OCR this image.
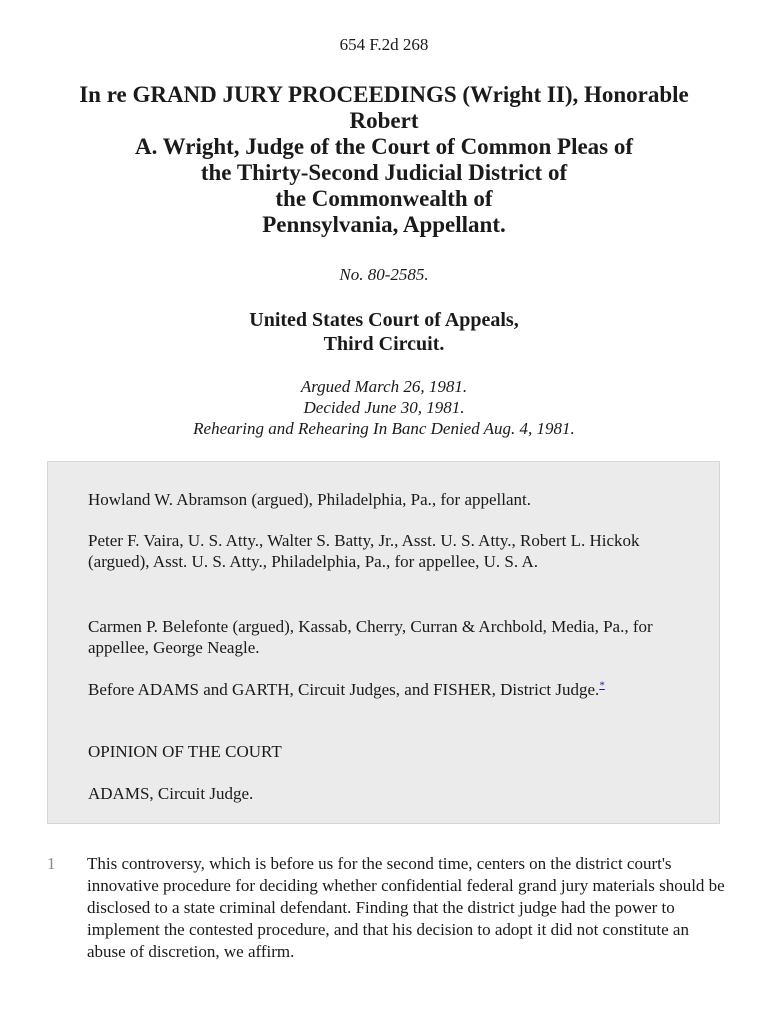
654 F.2d 268
In re GRAND JURY PROCEEDINGS (Wright II), Honorable
Robert
A. Wright, Judge of the Court of Common Pleas of
the Thirty-Second Judicial District of
the Commonwealth of
Pennsylvania, Appellant.
No. 80-2585.
United States Court of Appeals,
Third Circuit.
Argued March 26, 1981.
Decided June 30, 1981.
Rehearing and Rehearing In Banc Denied Aug. 4, 1981.

Howland W. Abramson (argued), Philadelphia, Pa., for appellant.

Peter F. Vaira, U. S. Atty., Walter S. Batty, Jr., Asst. U. S. Atty., Robert L. Hickok (argued), Asst. U. S. Atty., Philadelphia, Pa., for appellee, U. S. A.

Carmen P. Belefonte (argued), Kassab, Cherry, Curran & Archbold, Media, Pa., for appellee, George Neagle.

Before ADAMS and GARTH, Circuit Judges, and FISHER, District Judge.*

OPINION OF THE COURT

ADAMS, Circuit Judge.

1 This controversy, which is before us for the second time, centers on the district court's innovative procedure for deciding whether confidential federal grand jury materials should be disclosed to a state criminal defendant. Finding that the district judge had the power to implement the contested procedure, and that his decision to adopt it did not constitute an abuse of discretion, we affirm.
